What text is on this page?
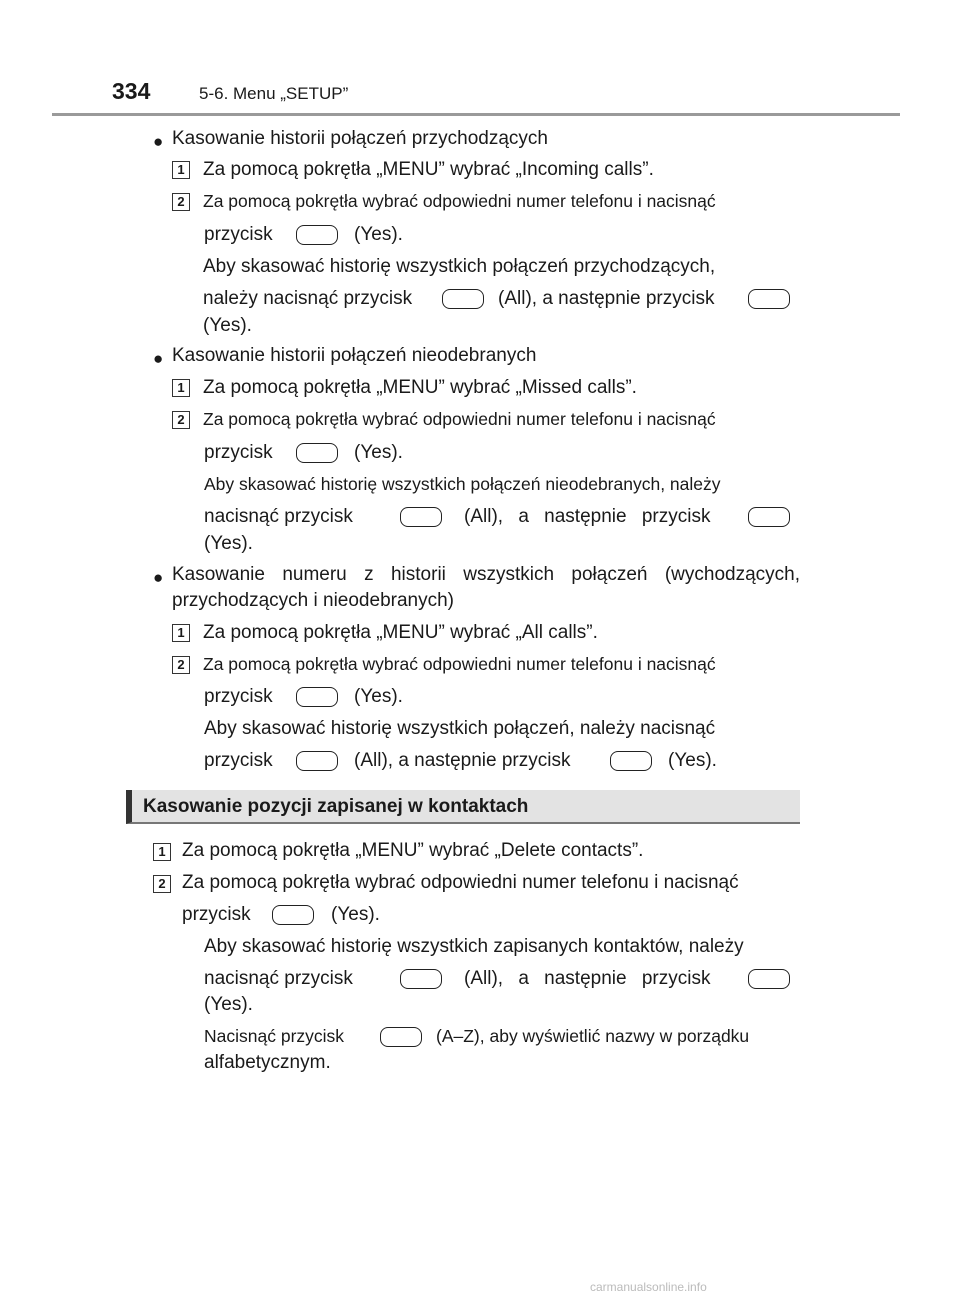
334	5-6. Menu „SETUP”
● Kasowanie historii połączeń przychodzących
1 Za pomocą pokrętła „MENU” wybrać „Incoming calls”.
2	Za pomocą pokrętła wybrać odpowiedni numer telefonu i nacisnąć
przycisk	(Yes).
Aby skasować historię wszystkich połączeń przychodzących,
należy nacisnąć przycisk	(All), a następnie przycisk
(Yes).
● Kasowanie historii połączeń nieodebranych
1 Za pomocą pokrętła „MENU” wybrać „Missed calls”.
2	Za pomocą pokrętła wybrać odpowiedni numer telefonu i nacisnąć
przycisk	(Yes).
Aby skasować historię wszystkich połączeń nieodebranych, należy
nacisnąć przycisk	(All), a następnie przycisk
(Yes).
● Kasowanie numeru z historii wszystkich połączeń (wychodzących,
przychodzących i nieodebranych)
1 Za pomocą pokrętła „MENU” wybrać „All calls”.
2	Za pomocą pokrętła wybrać odpowiedni numer telefonu i nacisnąć
przycisk	(Yes).
Aby skasować historię wszystkich połączeń, należy nacisnąć
przycisk	(All), a następnie przycisk	(Yes).
Kasowanie pozycji zapisanej w kontaktach
1 Za pomocą pokrętła „MENU” wybrać „Delete contacts”.
2 Za pomocą pokrętła wybrać odpowiedni numer telefonu i nacisnąć
przycisk	(Yes).
Aby skasować historię wszystkich zapisanych kontaktów, należy
nacisnąć przycisk	(All), a następnie przycisk
(Yes).
Nacisnąć przycisk	(A–Z), aby wyświetlić nazwy w porządku
alfabetycznym.
carmanualsonline.info
